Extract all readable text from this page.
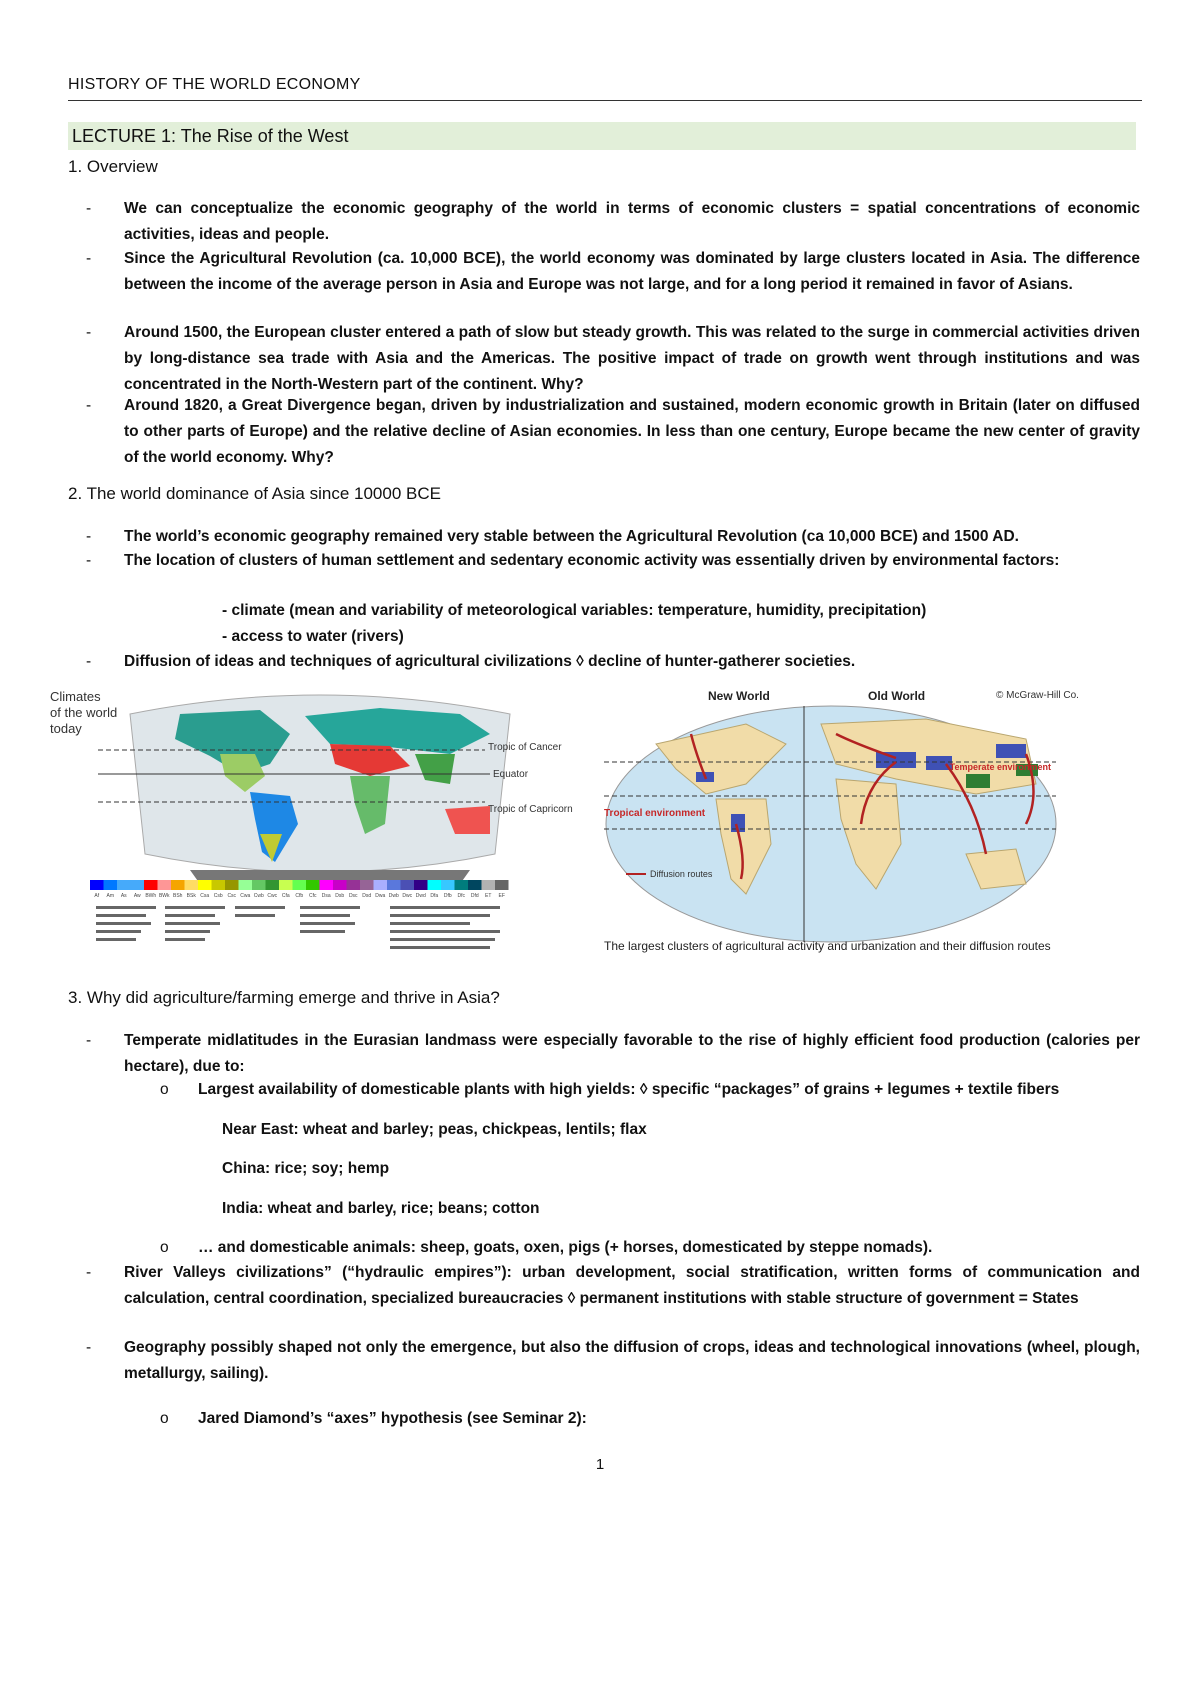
HISTORY OF THE WORLD ECONOMY
LECTURE 1: The Rise of the West
1. Overview
- We can conceptualize the economic geography of the world in terms of economic clusters = spatial concentrations of economic activities, ideas and people.
- Since the Agricultural Revolution (ca. 10,000 BCE), the world economy was dominated by large clusters located in Asia. The difference between the income of the average person in Asia and Europe was not large, and for a long period it remained in favor of Asians.
- Around 1500, the European cluster entered a path of slow but steady growth. This was related to the surge in commercial activities driven by long-distance sea trade with Asia and the Americas. The positive impact of trade on growth went through institutions and was concentrated in the North-Western part of the continent. Why?
- Around 1820, a Great Divergence began, driven by industrialization and sustained, modern economic growth in Britain (later on diffused to other parts of Europe) and the relative decline of Asian economies. In less than one century, Europe became the new center of gravity of the world economy. Why?
2. The world dominance of Asia since 10000 BCE
- The world’s economic geography remained very stable between the Agricultural Revolution (ca 10,000 BCE) and 1500 AD.
- The location of clusters of human settlement and sedentary economic activity was essentially driven by environmental factors:
- climate (mean and variability of meteorological variables: temperature, humidity, precipitation)
- access to water (rivers)
- Diffusion of ideas and techniques of agricultural civilizations ◊ decline of hunter-gatherer societies.
Climates
of the world
today
Tropic of Cancer
Equator
Tropic of Capricorn
Af Am As Aw BWh BWk BSh BSk Csa Csb Csc Cwa Cwb Cwc Cfa Cfb Cfc Dsa Dsb Dsc Dsd Dwa Dwb Dwc Dwd Dfa Dfb Dfc Dfd ET EF
New World	Old World	© McGraw-Hill Co.
Tropical environment
Temperate environment
Diffusion routes
The largest clusters of agricultural activity and urbanization and their diffusion routes
3. Why did agriculture/farming emerge and thrive in Asia?
- Temperate midlatitudes in the Eurasian landmass were especially favorable to the rise of highly efficient food production (calories per hectare), due to:
o Largest availability of domesticable plants with high yields: ◊ specific “packages” of grains + legumes + textile fibers
Near East: wheat and barley; peas, chickpeas, lentils; flax
China: rice; soy; hemp
India: wheat and barley, rice; beans; cotton
o … and domesticable animals: sheep, goats, oxen, pigs (+ horses, domesticated by steppe nomads).
- River Valleys civilizations” (“hydraulic empires”): urban development, social stratification, written forms of communication and calculation, central coordination, specialized bureaucracies ◊ permanent institutions with stable structure of government = States
- Geography possibly shaped not only the emergence, but also the diffusion of crops, ideas and technological innovations (wheel, plough, metallurgy, sailing).
o Jared Diamond’s “axes” hypothesis (see Seminar 2):
1
